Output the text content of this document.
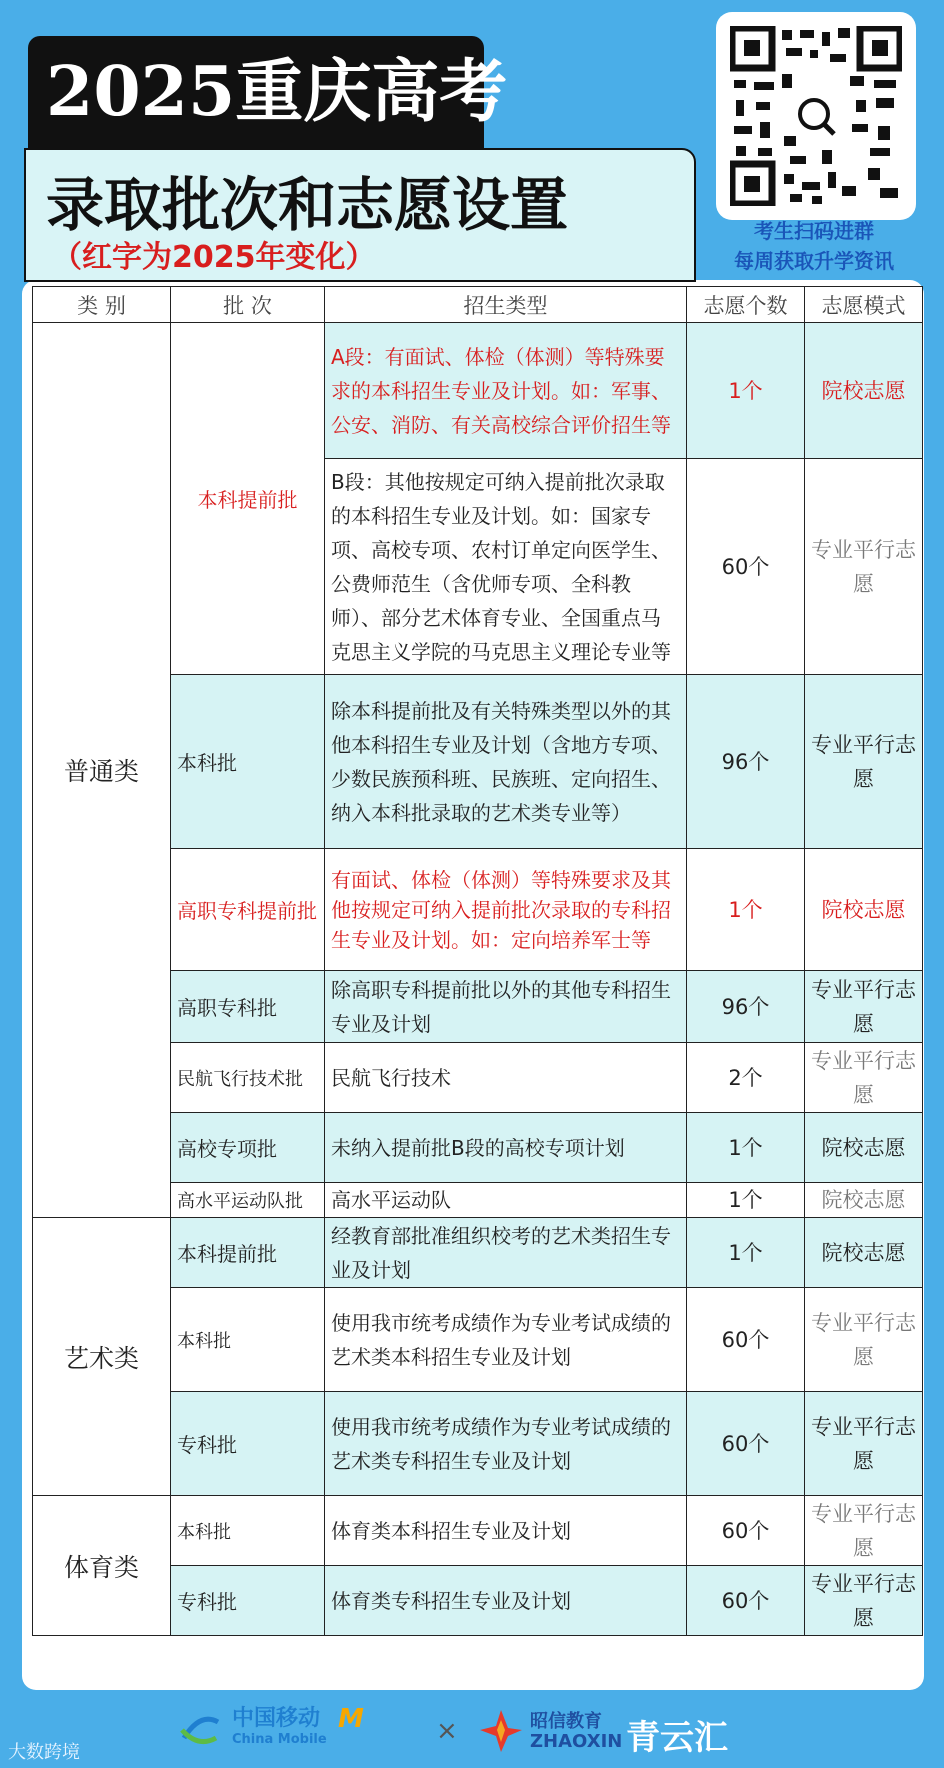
2025重庆高考
录取批次和志愿设置
（红字为2025年变化）
考生扫码进群
每周获取升学资讯
类 别	批 次	招生类型	志愿个数	志愿模式
普通类	本科提前批	A段：有面试、体检（体测）等特殊要求的本科招生专业及计划。如：军事、公安、消防、有关高校综合评价招生等	1个	院校志愿
		B段：其他按规定可纳入提前批次录取的本科招生专业及计划。如：国家专项、高校专项、农村订单定向医学生、公费师范生（含优师专项、全科教师）、部分艺术体育专业、全国重点马克思主义学院的马克思主义理论专业等	60个	专业平行志愿
	本科批	除本科提前批及有关特殊类型以外的其他本科招生专业及计划（含地方专项、少数民族预科班、民族班、定向招生、纳入本科批录取的艺术类专业等）	96个	专业平行志愿
	高职专科提前批	有面试、体检（体测）等特殊要求及其他按规定可纳入提前批次录取的专科招生专业及计划。如：定向培养军士等	1个	院校志愿
	高职专科批	除高职专科提前批以外的其他专科招生专业及计划	96个	专业平行志愿
	民航飞行技术批	民航飞行技术	2个	专业平行志愿
	高校专项批	未纳入提前批B段的高校专项计划	1个	院校志愿
	高水平运动队批	高水平运动队	1个	院校志愿
艺术类	本科提前批	经教育部批准组织校考的艺术类招生专业及计划	1个	院校志愿
	本科批	使用我市统考成绩作为专业考试成绩的艺术类本科招生专业及计划	60个	专业平行志愿
	专科批	使用我市统考成绩作为专业考试成绩的艺术类专科招生专业及计划	60个	专业平行志愿
体育类	本科批	体育类本科招生专业及计划	60个	专业平行志愿
	专科批	体育类专科招生专业及计划	60个	专业平行志愿
中国移动
China Mobile
M	×	昭信教育
ZHAOXIN 青云汇
大数跨境
